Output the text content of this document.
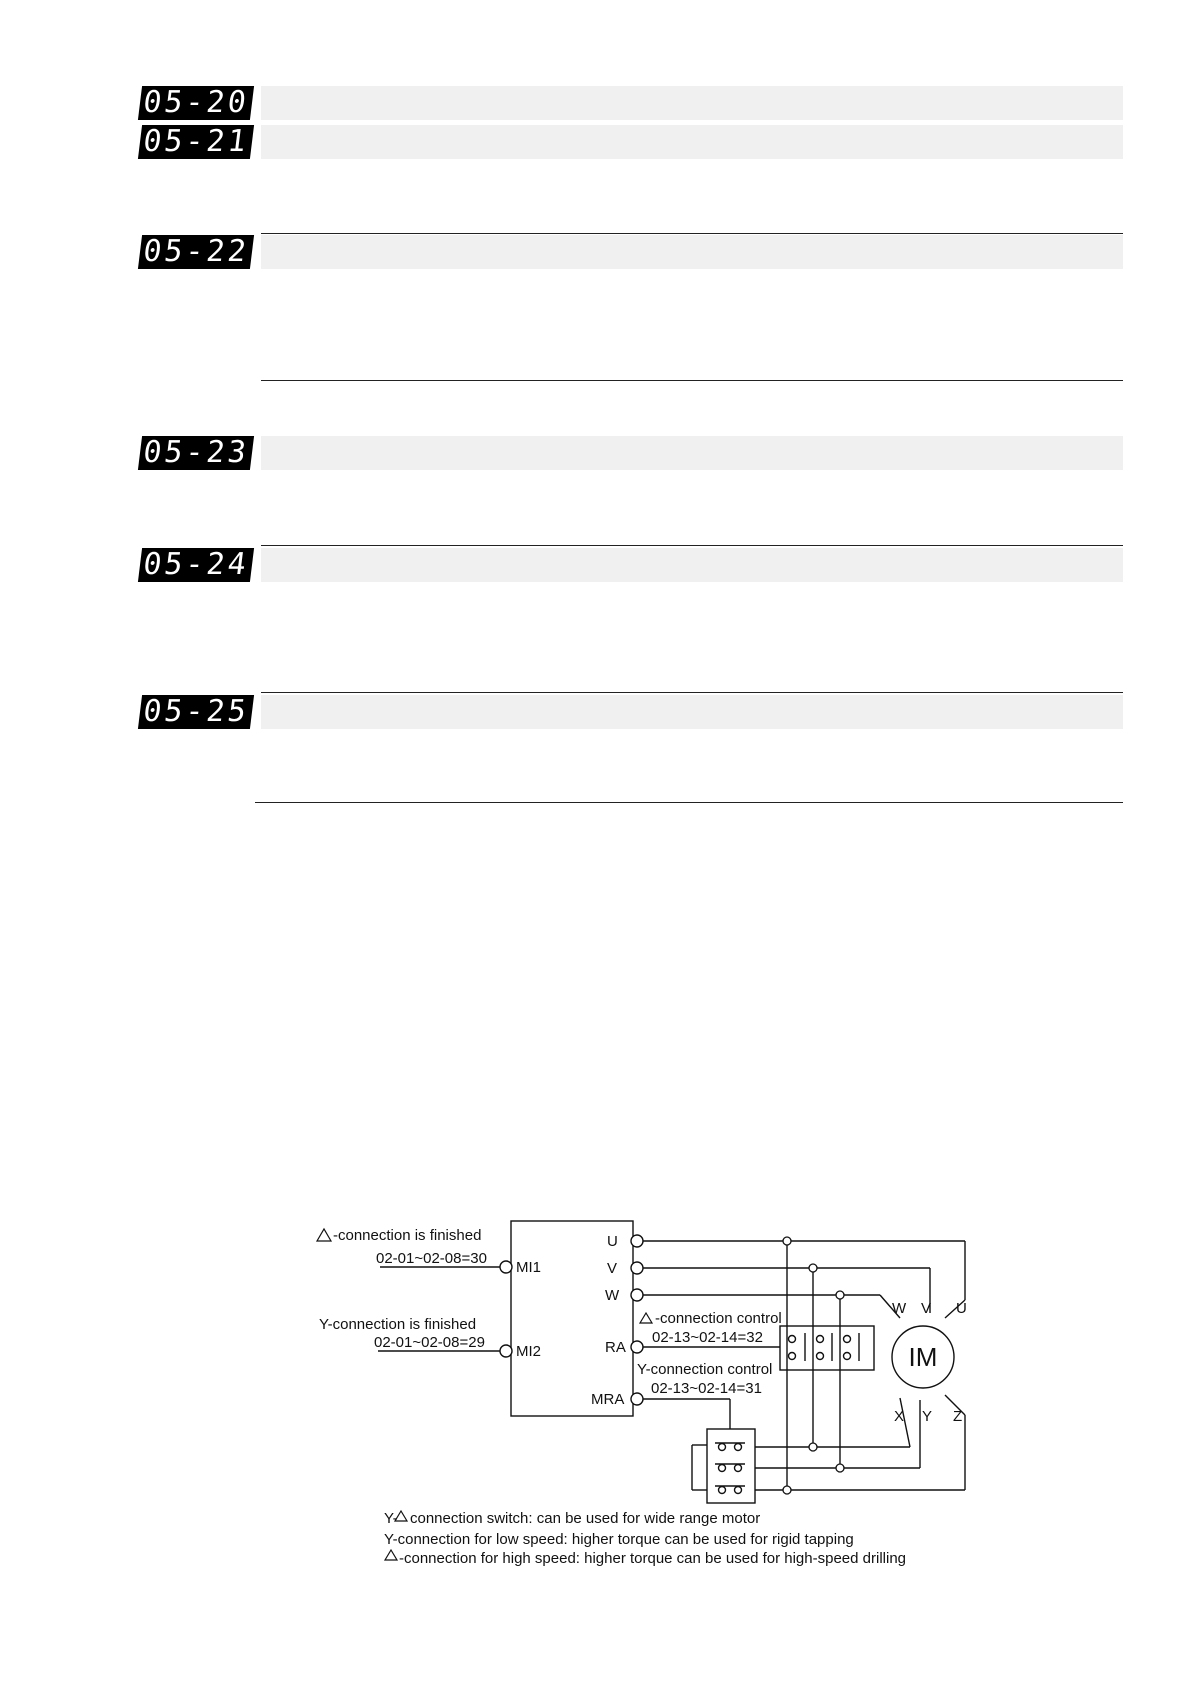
05-20
05-21
05-22
05-23
05-24
05-25
-connection is finished
02-01~02-08=30
MI1
Y-connection is finished
02-01~02-08=29
MI2
U
V
W
RA
MRA
-connection control
02-13~02-14=32
Y-connection control
02-13~02-14=31
IM
W V U
X Y Z
Y- connection switch: can be used for wide range motor
Y-connection for low speed: higher torque can be used for rigid tapping
-connection for high speed: higher torque can be used for high-speed drilling
